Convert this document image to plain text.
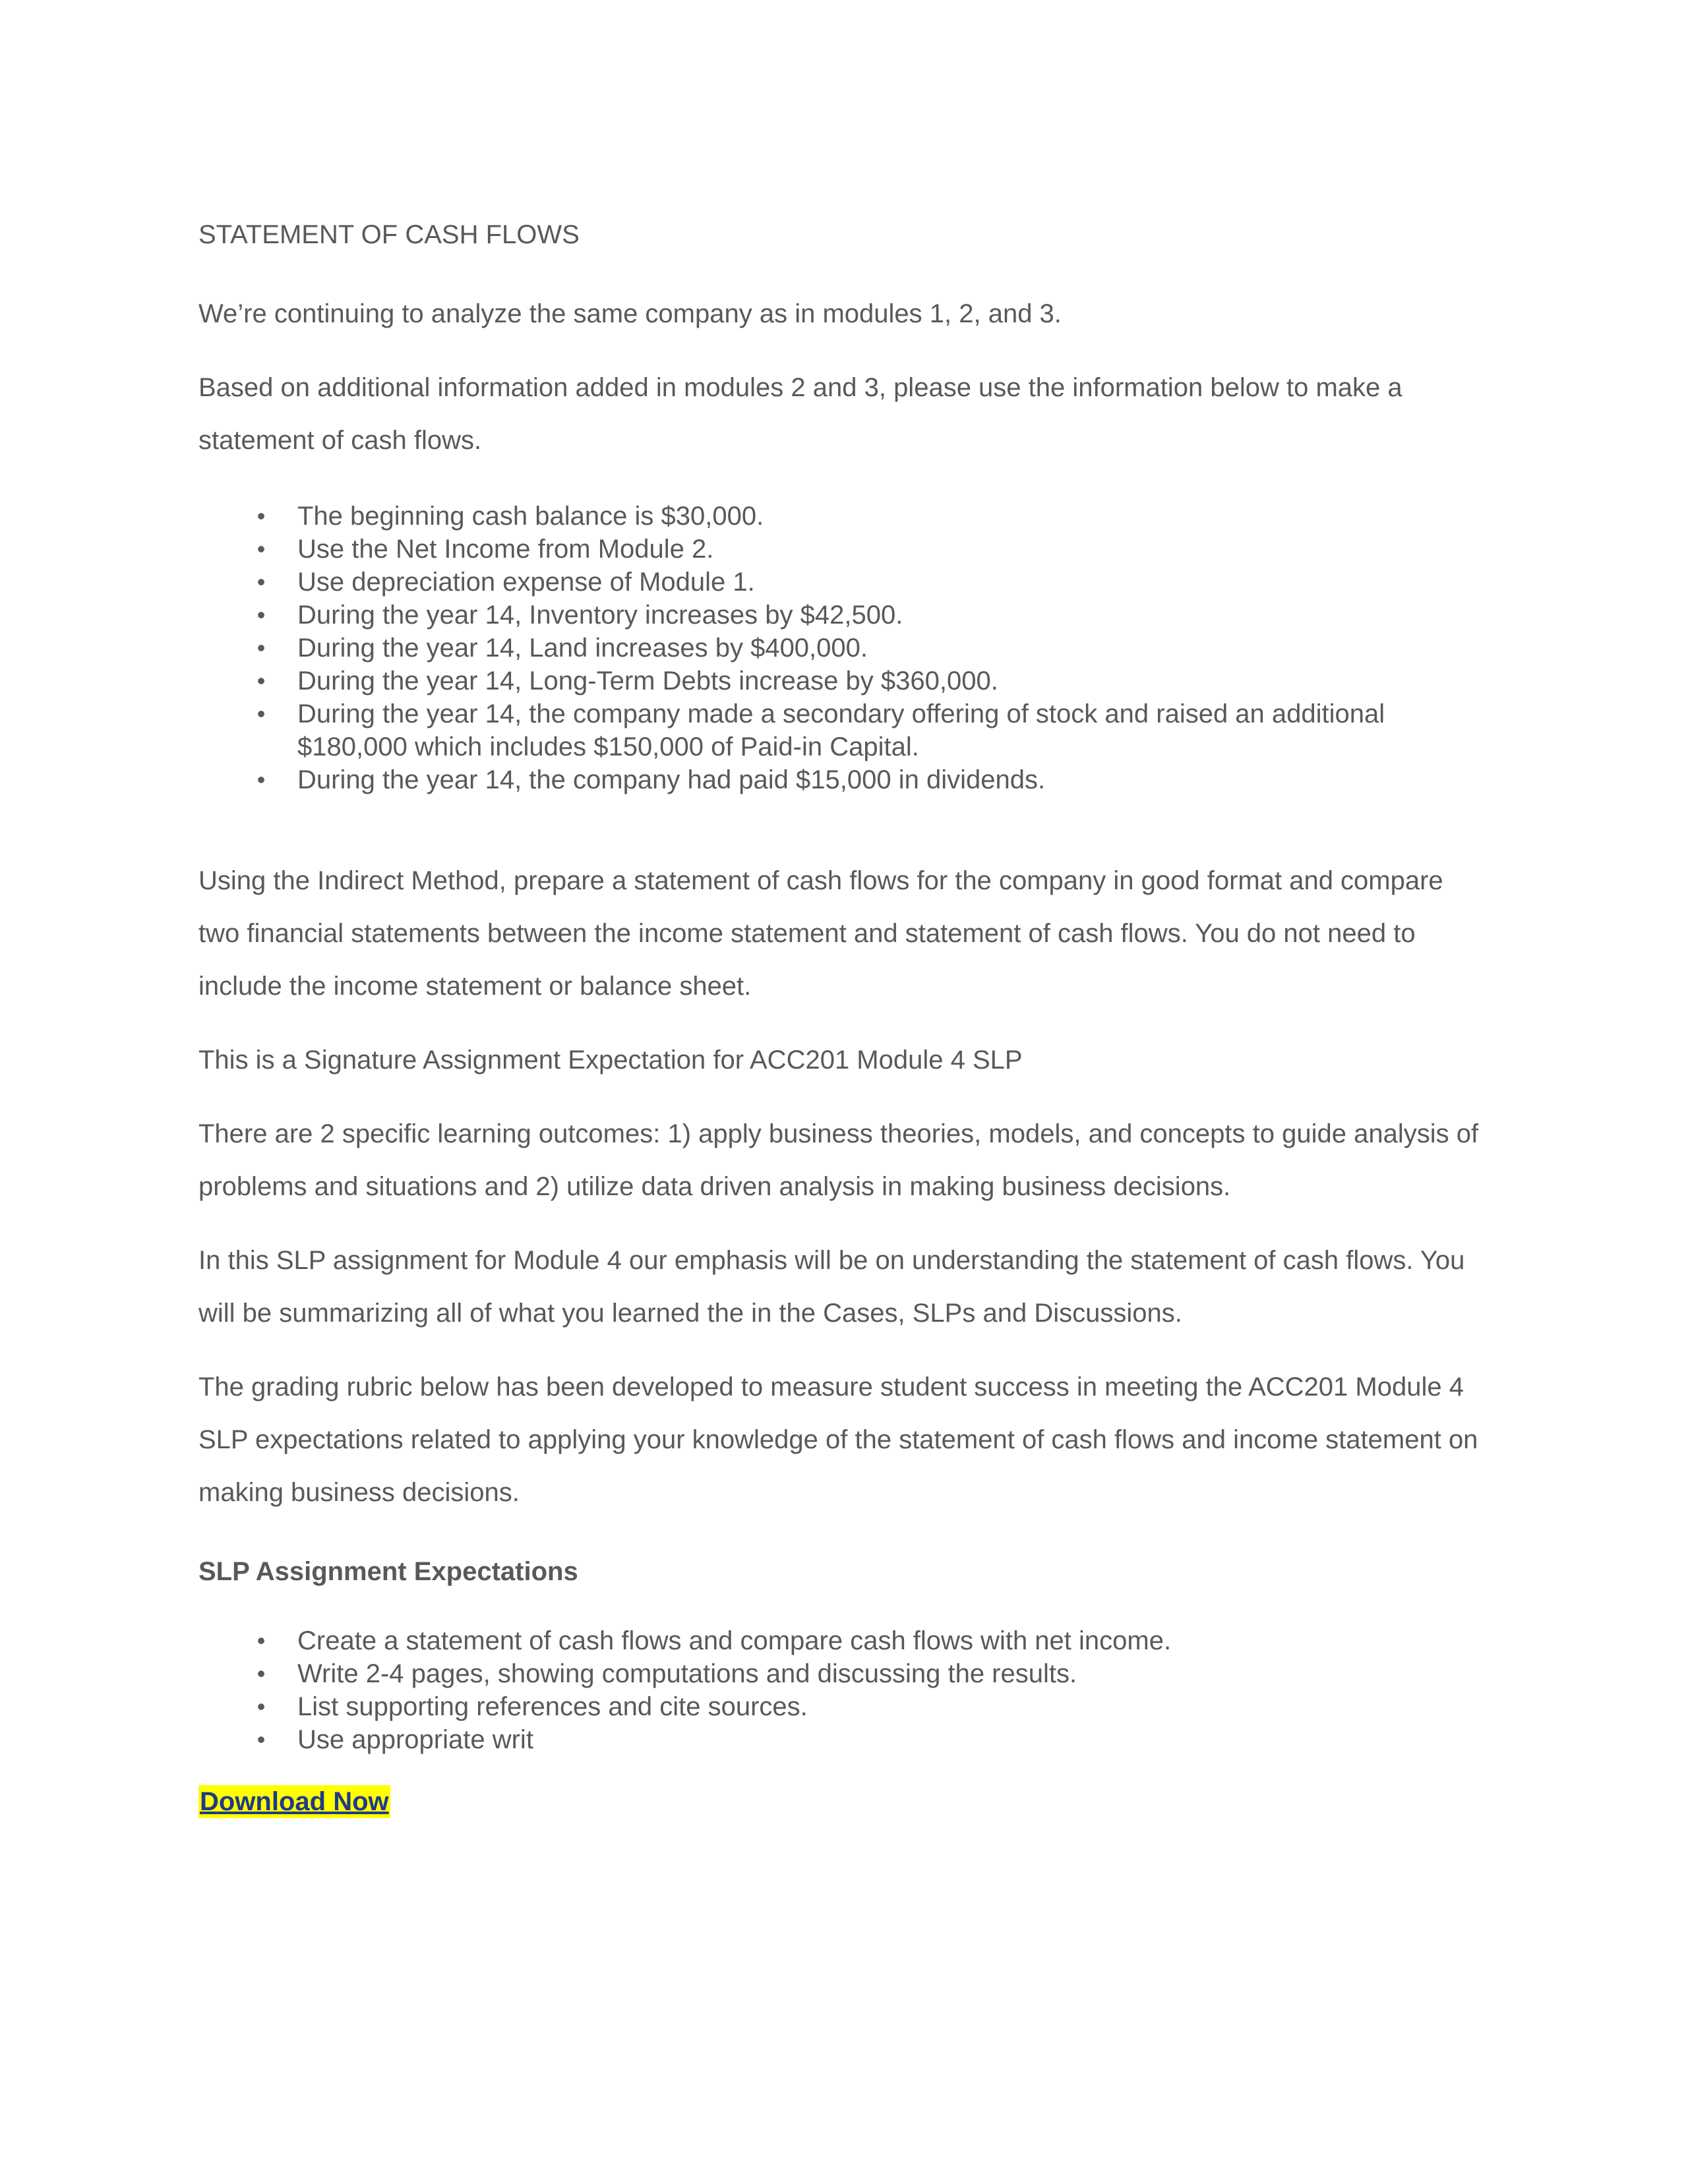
STATEMENT OF CASH FLOWS

We’re continuing to analyze the same company as in modules 1, 2, and 3.

Based on additional information added in modules 2 and 3, please use the information below to make a statement of cash flows.

• The beginning cash balance is $30,000.
• Use the Net Income from Module 2.
• Use depreciation expense of Module 1.
• During the year 14, Inventory increases by $42,500.
• During the year 14, Land increases by $400,000.
• During the year 14, Long-Term Debts increase by $360,000.
• During the year 14, the company made a secondary offering of stock and raised an additional $180,000 which includes $150,000 of Paid-in Capital.
• During the year 14, the company had paid $15,000 in dividends.

Using the Indirect Method, prepare a statement of cash flows for the company in good format and compare two financial statements between the income statement and statement of cash flows. You do not need to include the income statement or balance sheet.

This is a Signature Assignment Expectation for ACC201 Module 4 SLP

There are 2 specific learning outcomes: 1) apply business theories, models, and concepts to guide analysis of problems and situations and 2) utilize data driven analysis in making business decisions.

In this SLP assignment for Module 4 our emphasis will be on understanding the statement of cash flows. You will be summarizing all of what you learned the in the Cases, SLPs and Discussions.

The grading rubric below has been developed to measure student success in meeting the ACC201 Module 4 SLP expectations related to applying your knowledge of the statement of cash flows and income statement on making business decisions.

SLP Assignment Expectations
• Create a statement of cash flows and compare cash flows with net income.
• Write 2-4 pages, showing computations and discussing the results.
• List supporting references and cite sources.
• Use appropriate writ
Download Now
